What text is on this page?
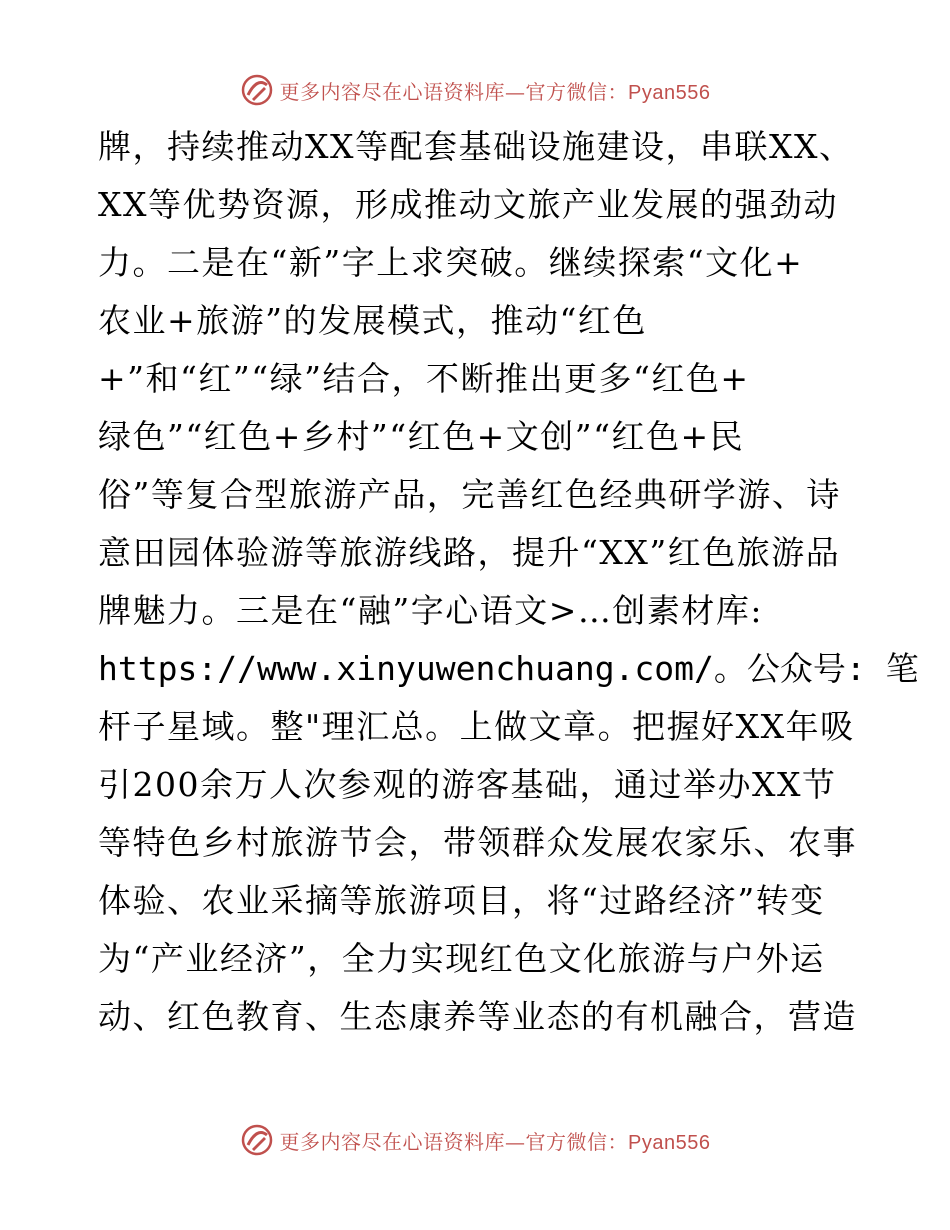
更多内容尽在心语资料库—官方微信：Pyan556
牌，持续推动XX等配套基础设施建设，串联XX、
XX等优势资源，形成推动文旅产业发展的强劲动
力。二是在“新”字上求突破。继续探索“文化+
农业+旅游”的发展模式，推动“红色
+”和“红”“绿”结合，不断推出更多“红色+
绿色”“红色+乡村”“红色+文创”“红色+民
俗”等复合型旅游产品，完善红色经典研学游、诗
意田园体验游等旅游线路，提升“XX”红色旅游品
牌魅力。三是在“融”字心语文>…创素材库:
https://www.xinyuwenchuang.com/。公众号: 笔
杆子星域。整"理汇总。上做文章。把握好XX年吸
引200余万人次参观的游客基础，通过举办XX节
等特色乡村旅游节会，带领群众发展农家乐、农事
体验、农业采摘等旅游项目，将“过路经济”转变
为“产业经济”，全力实现红色文化旅游与户外运
动、红色教育、生态康养等业态的有机融合，营造
更多内容尽在心语资料库—官方微信：Pyan556
